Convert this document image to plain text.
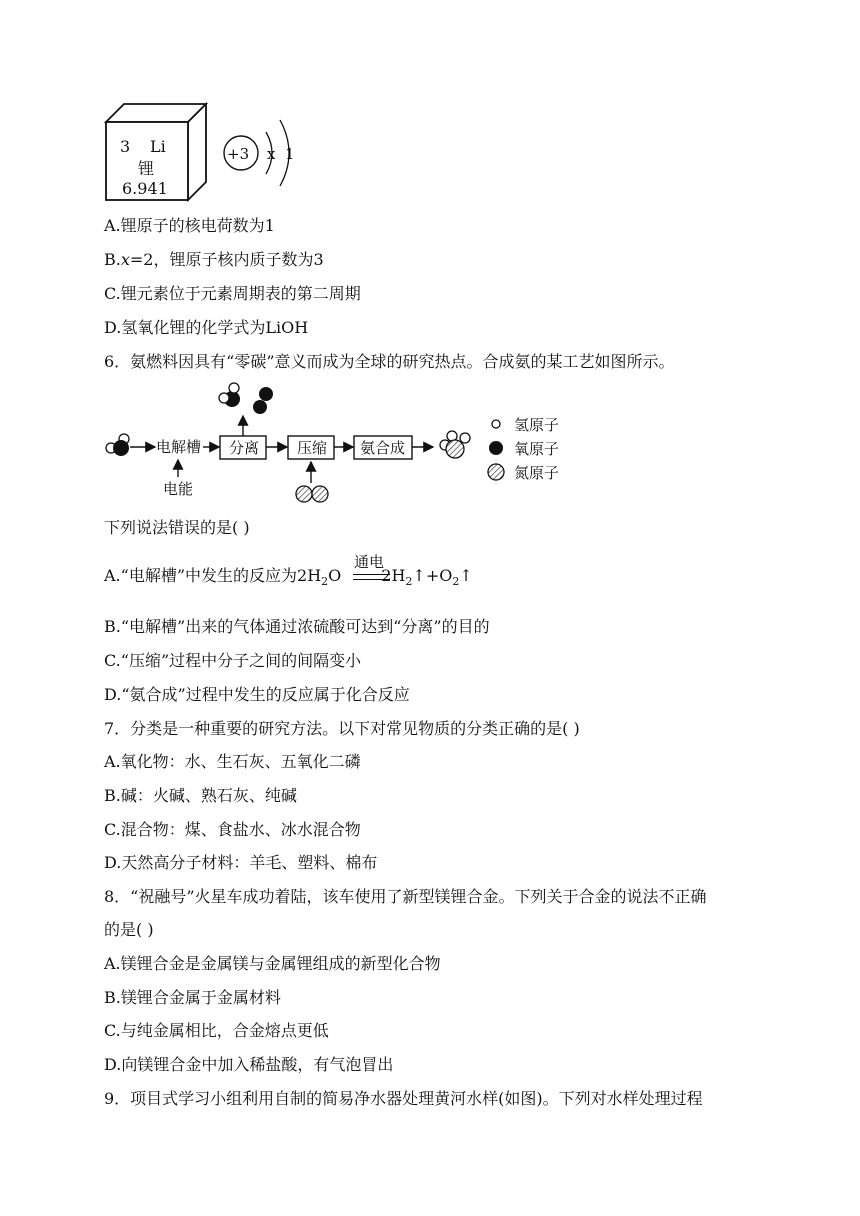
3 Li
锂
6.941
+3 x 1
A.锂原子的核电荷数为1
B.x=2，锂原子核内质子数为3
C.锂元素位于元素周期表的第二周期
D.氢氧化锂的化学式为LiOH
6．氨燃料因具有“零碳”意义而成为全球的研究热点。合成氨的某工艺如图所示。
电解槽
电能
分离	压缩 氨合成
氢原子
氧原子
氮原子
下列说法错误的是( )
A.“电解槽”中发生的反应为$2H_2O$	$2H_2↑+O_2↑$
通电
B.“电解槽”出来的气体通过浓硫酸可达到“分离”的目的
C.“压缩”过程中分子之间的间隔变小
D.“氨合成”过程中发生的反应属于化合反应
7．分类是一种重要的研究方法。以下对常见物质的分类正确的是( )
A.氧化物：水、生石灰、五氧化二磷
B.碱：火碱、熟石灰、纯碱
C.混合物：煤、食盐水、冰水混合物
D.天然高分子材料：羊毛、塑料、棉布
8．“祝融号”火星车成功着陆，该车使用了新型镁锂合金。下列关于合金的说法不正确
的是( )
A.镁锂合金是金属镁与金属锂组成的新型化合物
B.镁锂合金属于金属材料
C.与纯金属相比，合金熔点更低
D.向镁锂合金中加入稀盐酸，有气泡冒出
9．项目式学习小组利用自制的简易净水器处理黄河水样(如图)。下列对水样处理过程
